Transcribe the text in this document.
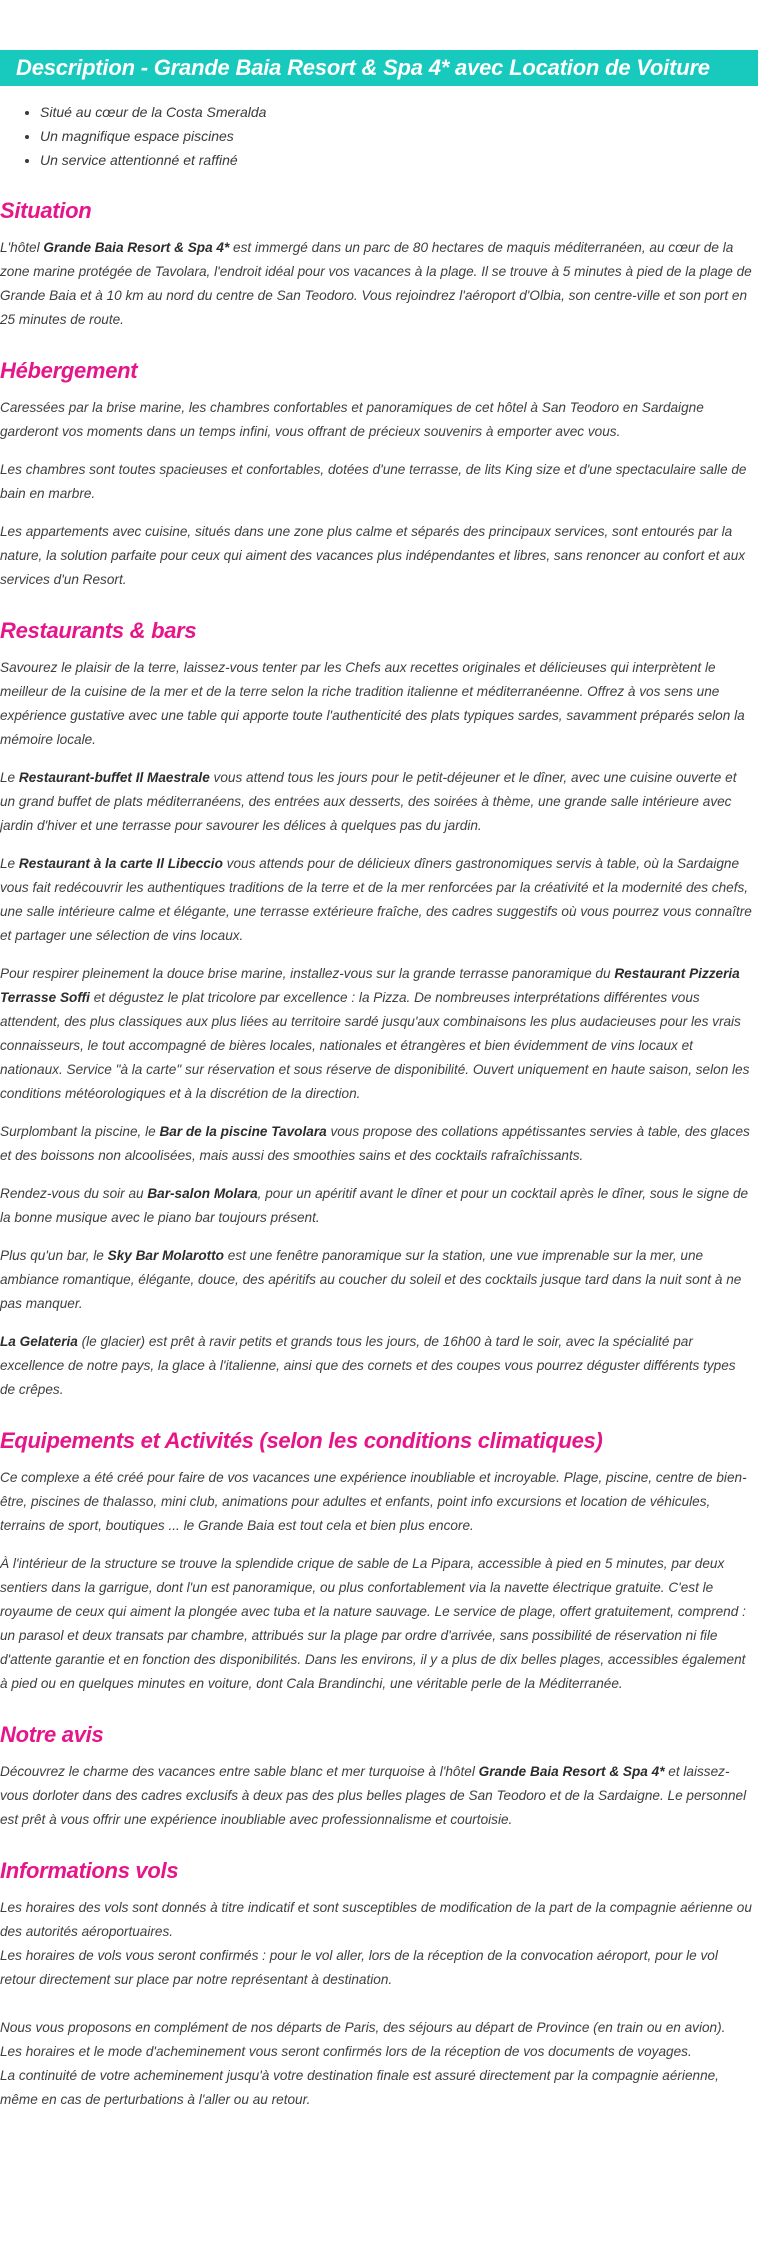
Description - Grande Baia Resort & Spa 4* avec Location de Voiture
• Situé au cœur de la Costa Smeralda
• Un magnifique espace piscines
• Un service attentionné et raffiné
Situation

L'hôtel Grande Baia Resort & Spa 4* est immergé dans un parc de 80 hectares de maquis méditerranéen, au cœur de la zone marine protégée de Tavolara, l'endroit idéal pour vos vacances à la plage. Il se trouve à 5 minutes à pied de la plage de Grande Baia et à 10 km au nord du centre de San Teodoro. Vous rejoindrez l'aéroport d'Olbia, son centre-ville et son port en 25 minutes de route.

Hébergement

Caressées par la brise marine, les chambres confortables et panoramiques de cet hôtel à San Teodoro en Sardaigne garderont vos moments dans un temps infini, vous offrant de précieux souvenirs à emporter avec vous.

Les chambres sont toutes spacieuses et confortables, dotées d'une terrasse, de lits King size et d'une spectaculaire salle de bain en marbre.

Les appartements avec cuisine, situés dans une zone plus calme et séparés des principaux services, sont entourés par la nature, la solution parfaite pour ceux qui aiment des vacances plus indépendantes et libres, sans renoncer au confort et aux services d'un Resort.

Restaurants & bars

Savourez le plaisir de la terre, laissez-vous tenter par les Chefs aux recettes originales et délicieuses qui interprètent le meilleur de la cuisine de la mer et de la terre selon la riche tradition italienne et méditerranéenne. Offrez à vos sens une expérience gustative avec une table qui apporte toute l'authenticité des plats typiques sardes, savamment préparés selon la mémoire locale.

Le Restaurant-buffet Il Maestrale vous attend tous les jours pour le petit-déjeuner et le dîner, avec une cuisine ouverte et un grand buffet de plats méditerranéens, des entrées aux desserts, des soirées à thème, une grande salle intérieure avec jardin d'hiver et une terrasse pour savourer les délices à quelques pas du jardin.

Le Restaurant à la carte Il Libeccio vous attends pour de délicieux dîners gastronomiques servis à table, où la Sardaigne vous fait redécouvrir les authentiques traditions de la terre et de la mer renforcées par la créativité et la modernité des chefs, une salle intérieure calme et élégante, une terrasse extérieure fraîche, des cadres suggestifs où vous pourrez vous connaître et partager une sélection de vins locaux.

Pour respirer pleinement la douce brise marine, installez-vous sur la grande terrasse panoramique du Restaurant Pizzeria Terrasse Soffi et dégustez le plat tricolore par excellence : la Pizza. De nombreuses interprétations différentes vous attendent, des plus classiques aux plus liées au territoire sardé jusqu'aux combinaisons les plus audacieuses pour les vrais connaisseurs, le tout accompagné de bières locales, nationales et étrangères et bien évidemment de vins locaux et nationaux. Service "à la carte" sur réservation et sous réserve de disponibilité. Ouvert uniquement en haute saison, selon les conditions météorologiques et à la discrétion de la direction.

Surplombant la piscine, le Bar de la piscine Tavolara vous propose des collations appétissantes servies à table, des glaces et des boissons non alcoolisées, mais aussi des smoothies sains et des cocktails rafraîchissants.

Rendez-vous du soir au Bar-salon Molara, pour un apéritif avant le dîner et pour un cocktail après le dîner, sous le signe de la bonne musique avec le piano bar toujours présent.

Plus qu'un bar, le Sky Bar Molarotto est une fenêtre panoramique sur la station, une vue imprenable sur la mer, une ambiance romantique, élégante, douce, des apéritifs au coucher du soleil et des cocktails jusque tard dans la nuit sont à ne pas manquer.

La Gelateria (le glacier) est prêt à ravir petits et grands tous les jours, de 16h00 à tard le soir, avec la spécialité par excellence de notre pays, la glace à l'italienne, ainsi que des cornets et des coupes vous pourrez déguster différents types de crêpes.

Equipements et Activités (selon les conditions climatiques)

Ce complexe a été créé pour faire de vos vacances une expérience inoubliable et incroyable. Plage, piscine, centre de bien-être, piscines de thalasso, mini club, animations pour adultes et enfants, point info excursions et location de véhicules, terrains de sport, boutiques ... le Grande Baia est tout cela et bien plus encore.

À l'intérieur de la structure se trouve la splendide crique de sable de La Pipara, accessible à pied en 5 minutes, par deux sentiers dans la garrigue, dont l'un est panoramique, ou plus confortablement via la navette électrique gratuite. C'est le royaume de ceux qui aiment la plongée avec tuba et la nature sauvage. Le service de plage, offert gratuitement, comprend : un parasol et deux transats par chambre, attribués sur la plage par ordre d'arrivée, sans possibilité de réservation ni file d'attente garantie et en fonction des disponibilités. Dans les environs, il y a plus de dix belles plages, accessibles également à pied ou en quelques minutes en voiture, dont Cala Brandinchi, une véritable perle de la Méditerranée.

Notre avis

Découvrez le charme des vacances entre sable blanc et mer turquoise à l'hôtel Grande Baia Resort & Spa 4* et laissez-vous dorloter dans des cadres exclusifs à deux pas des plus belles plages de San Teodoro et de la Sardaigne. Le personnel est prêt à vous offrir une expérience inoubliable avec professionnalisme et courtoisie.

Informations vols

Les horaires des vols sont donnés à titre indicatif et sont susceptibles de modification de la part de la compagnie aérienne ou des autorités aéroportuaires.
Les horaires de vols vous seront confirmés : pour le vol aller, lors de la réception de la convocation aéroport, pour le vol retour directement sur place par notre représentant à destination.

Nous vous proposons en complément de nos départs de Paris, des séjours au départ de Province (en train ou en avion).
Les horaires et le mode d'acheminement vous seront confirmés lors de la réception de vos documents de voyages.
La continuité de votre acheminement jusqu'à votre destination finale est assuré directement par la compagnie aérienne, même en cas de perturbations à l'aller ou au retour.
